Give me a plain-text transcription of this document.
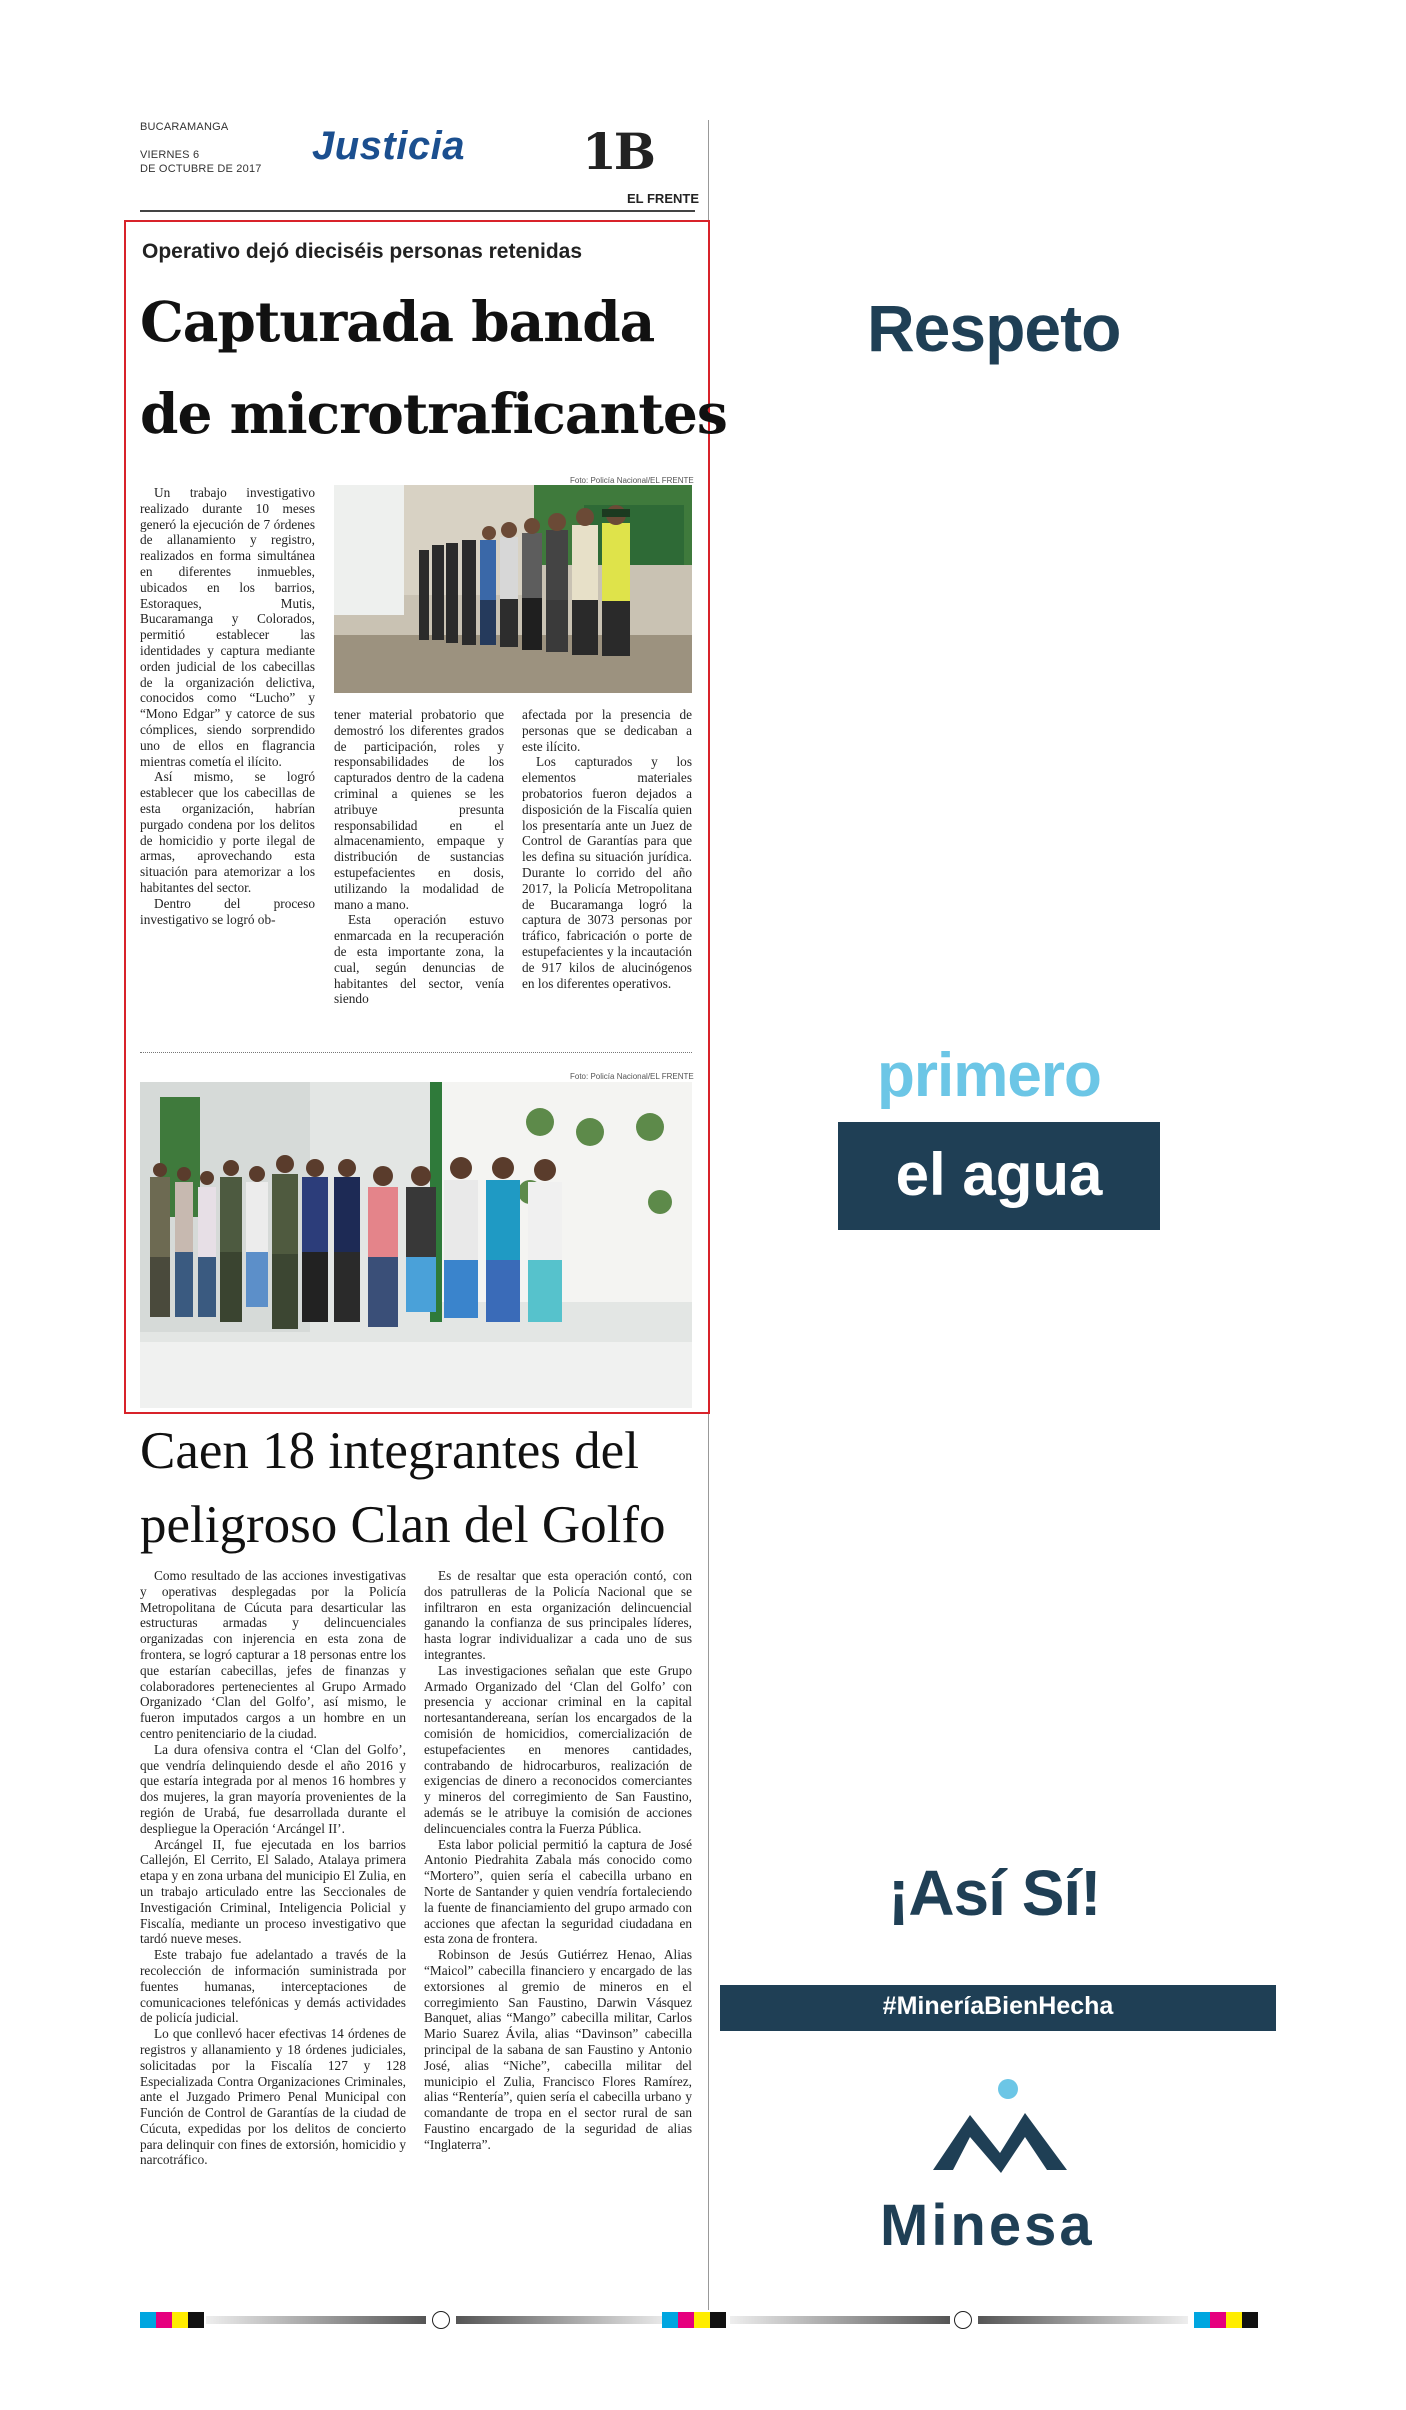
BUCARAMANGA
VIERNES 6
DE OCTUBRE DE 2017
Justicia 1B
EL FRENTE
Operativo dejó dieciséis personas retenidas
Capturada banda
de microtraficantes
Foto: Policía Nacional/EL FRENTE

Un trabajo investigativo realizado durante 10 meses generó la ejecución de 7 órdenes de allanamiento y registro, realizados en forma simultánea en diferentes inmuebles, ubicados en los barrios, Estoraques, Mutis, Bucaramanga y Colorados, permitió establecer las identidades y captura mediante orden judicial de los cabecillas de la organización delictiva, conocidos como “Lucho” y “Mono Edgar” y catorce de sus cómplices, siendo sorprendido uno de ellos en flagrancia mientras cometía el ilícito.

Así mismo, se logró establecer que los cabecillas de esta organización, habrían purgado condena por los delitos de homicidio y porte ilegal de armas, aprovechando esta situación para atemorizar a los habitantes del sector.

Dentro del proceso investigativo se logró ob-

tener material probatorio que demostró los diferentes grados de participación, roles y responsabilidades de los capturados dentro de la cadena criminal a quienes se les atribuye presunta responsabilidad en el almacenamiento, empaque y distribución de sustancias estupefacientes en dosis, utilizando la modalidad de mano a mano.

Esta operación estuvo enmarcada en la recuperación de esta importante zona, la cual, según denuncias de habitantes del sector, venía siendo

afectada por la presencia de personas que se dedicaban a este ilícito.

Los capturados y los elementos materiales probatorios fueron dejados a disposición de la Fiscalía quien los presentaría ante un Juez de Control de Garantías para que les defina su situación jurídica. Durante lo corrido del año 2017, la Policía Metropolitana de Bucaramanga logró la captura de 3073 personas por tráfico, fabricación o porte de estupefacientes y la incautación de 917 kilos de alucinógenos en los diferentes operativos.

Foto: Policía Nacional/EL FRENTE
Caen 18 integrantes del
peligroso Clan del Golfo

Como resultado de las acciones investigativas y operativas desplegadas por la Policía Metropolitana de Cúcuta para desarticular las estructuras armadas y delincuenciales organizadas con injerencia en esta zona de frontera, se logró capturar a 18 personas entre los que estarían cabecillas, jefes de finanzas y colaboradores pertenecientes al Grupo Armado Organizado ‘Clan del Golfo’, así mismo, le fueron imputados cargos a un hombre en un centro penitenciario de la ciudad.

La dura ofensiva contra el ‘Clan del Golfo’, que vendría delinquiendo desde el año 2016 y que estaría integrada por al menos 16 hombres y dos mujeres, la gran mayoría provenientes de la región de Urabá, fue desarrollada durante el despliegue la Operación ‘Arcángel II’.

Arcángel II, fue ejecutada en los barrios Callejón, El Cerrito, El Salado, Atalaya primera etapa y en zona urbana del municipio El Zulia, en un trabajo articulado entre las Seccionales de Investigación Criminal, Inteligencia Policial y Fiscalía, mediante un proceso investigativo que tardó nueve meses.

Este trabajo fue adelantado a través de la recolección de información suministrada por fuentes humanas, interceptaciones de comunicaciones telefónicas y demás actividades de policía judicial.

Lo que conllevó hacer efectivas 14 órdenes de registros y allanamiento y 18 órdenes judiciales, solicitadas por la Fiscalía 127 y 128 Especializada Contra Organizaciones Criminales, ante el Juzgado Primero Penal Municipal con Función de Control de Garantías de la ciudad de Cúcuta, expedidas por los delitos de concierto para delinquir con fines de extorsión, homicidio y narcotráfico.

Es de resaltar que esta operación contó, con dos patrulleras de la Policía Nacional que se infiltraron en esta organización delincuencial ganando la confianza de sus principales líderes, hasta lograr individualizar a cada uno de sus integrantes.

Las investigaciones señalan que este Grupo Armado Organizado del ‘Clan del Golfo’ con presencia y accionar criminal en la capital nortesantandereana, serían los encargados de la comisión de homicidios, comercialización de estupefacientes en menores cantidades, contrabando de hidrocarburos, realización de exigencias de dinero a reconocidos comerciantes y mineros del corregimiento de San Faustino, además se le atribuye la comisión de acciones delincuenciales contra la Fuerza Pública.

Esta labor policial permitió la captura de José Antonio Piedrahita Zabala más conocido como “Mortero”, quien sería el cabecilla urbano en Norte de Santander y quien vendría fortaleciendo la fuente de financiamiento del grupo armado con acciones que afectan la seguridad ciudadana en esta zona de frontera.

Robinson de Jesús Gutiérrez Henao, Alias “Maicol” cabecilla financiero y encargado de las extorsiones al gremio de mineros en el corregimiento San Faustino, Darwin Vásquez Banquet, alias “Mango” cabecilla militar, Carlos Mario Suarez Ávila, alias “Davinson” cabecilla principal de la sabana de san Faustino y Antonio José, alias “Niche”, cabecilla militar del municipio el Zulia, Francisco Flores Ramírez, alias “Rentería”, quien sería el cabecilla urbano y comandante de tropa en el sector rural de san Faustino encargado de la seguridad de alias “Inglaterra”.

Respeto
primero
el agua
¡Así Sí!
#MineríaBienHecha
Minesa
